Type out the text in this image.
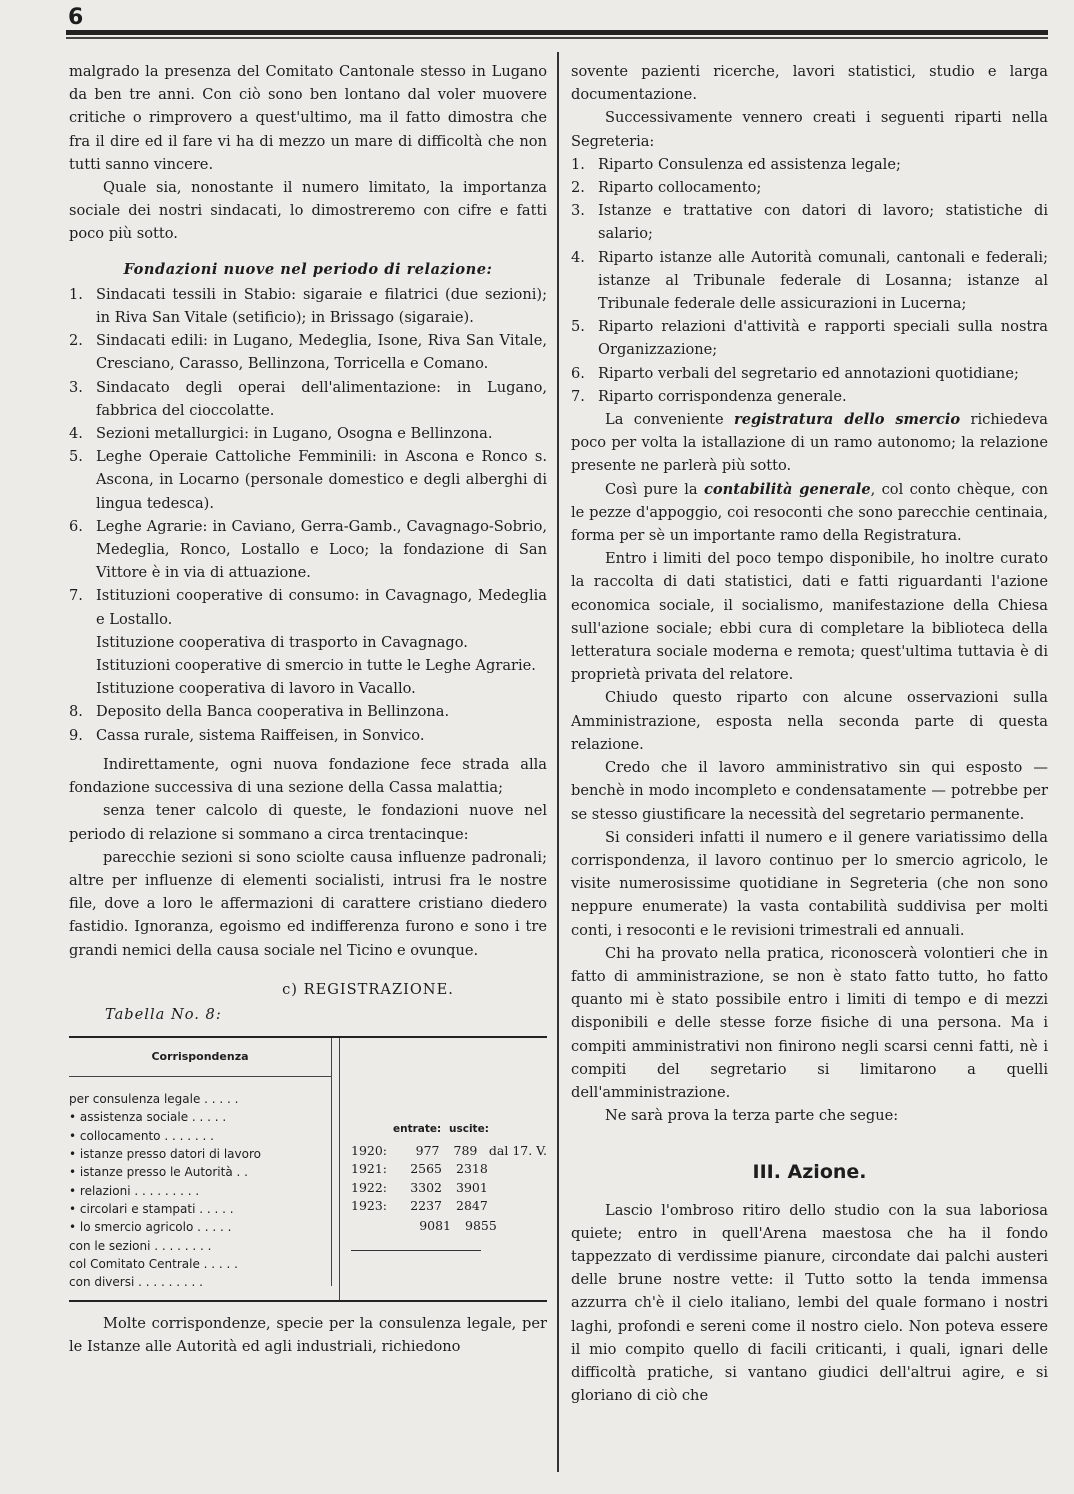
6

malgrado la presenza del Comitato Cantonale stesso in Lugano da ben tre anni. Con ciò sono ben lontano dal voler muovere critiche o rimprovero a quest'ultimo, ma il fatto dimostra che fra il dire ed il fare vi ha di mezzo un mare di difficoltà che non tutti sanno vincere.

Quale sia, nonostante il numero limitato, la importanza sociale dei nostri sindacati, lo dimostreremo con cifre e fatti poco più sotto.

Fondazioni nuove nel periodo di relazione:
1. Sindacati tessili in Stabio: sigaraie e filatrici (due sezioni); in Riva San Vitale (setificio); in Brissago (sigaraie).
2. Sindacati edili: in Lugano, Medeglia, Isone, Riva San Vitale, Cresciano, Carasso, Bellinzona, Torricella e Comano.
3. Sindacato degli operai dell'alimentazione: in Lugano, fabbrica del cioccolatte.
4. Sezioni metallurgici: in Lugano, Osogna e Bellinzona.
5. Leghe Operaie Cattoliche Femminili: in Ascona e Ronco s. Ascona, in Locarno (personale domestico e degli alberghi di lingua tedesca).
6. Leghe Agrarie: in Caviano, Gerra-Gamb., Cavagnago-Sobrio, Medeglia, Ronco, Lostallo e Loco; la fondazione di San Vittore è in via di attuazione.
7. Istituzioni cooperative di consumo: in Cavagnago, Medeglia e Lostallo.
Istituzione cooperativa di trasporto in Cavagnago.
Istituzioni cooperative di smercio in tutte le Leghe Agrarie.
Istituzione cooperativa di lavoro in Vacallo.
8. Deposito della Banca cooperativa in Bellinzona.
9. Cassa rurale, sistema Raiffeisen, in Sonvico.

Indirettamente, ogni nuova fondazione fece strada alla fondazione successiva di una sezione della Cassa malattia;

senza tener calcolo di queste, le fondazioni nuove nel periodo di relazione si sommano a circa trentacinque:

parecchie sezioni si sono sciolte causa influenze padronali; altre per influenze di elementi socialisti, intrusi fra le nostre file, dove a loro le affermazioni di carattere cristiano diedero fastidio. Ignoranza, egoismo ed indifferenza furono e sono i tre grandi nemici della causa sociale nel Ticino e ovunque.

c) REGISTRAZIONE.
Tabella No. 8:
Corrispondenza
per consulenza legale . . . . .
• assistenza sociale . . . . .
• collocamento . . . . . . .
• istanze presso datori di lavoro
• istanze presso le Autorità . .
• relazioni . . . . . . . . .
• circolari e stampati . . . . .
• lo smercio agricolo . . . . .
con le sezioni . . . . . . . .
col Comitato Centrale . . . . .
con diversi . . . . . . . . .
entrate: uscite:
1920:	977	789 dal 17. V.
1921:	2565	2318
1922:	3302	3901
1923:	2237	2847
9081	9855

Molte corrispondenze, specie per la consulenza legale, per le Istanze alle Autorità ed agli industriali, richiedono

sovente pazienti ricerche, lavori statistici, studio e larga documentazione.

Successivamente vennero creati i seguenti riparti nella Segreteria:

1. Riparto Consulenza ed assistenza legale;
2. Riparto collocamento;
3. Istanze e trattative con datori di lavoro; statistiche di salario;
4. Riparto istanze alle Autorità comunali, cantonali e federali; istanze al Tribunale federale di Losanna; istanze al Tribunale federale delle assicurazioni in Lucerna;
5. Riparto relazioni d'attività e rapporti speciali sulla nostra Organizzazione;
6. Riparto verbali del segretario ed annotazioni quotidiane;
7. Riparto corrispondenza generale.

La conveniente registratura dello smercio richiedeva poco per volta la istallazione di un ramo autonomo; la relazione presente ne parlerà più sotto.

Così pure la contabilità generale, col conto chèque, con le pezze d'appoggio, coi resoconti che sono parecchie centinaia, forma per sè un importante ramo della Registratura.

Entro i limiti del poco tempo disponibile, ho inoltre curato la raccolta di dati statistici, dati e fatti riguardanti l'azione economica sociale, il socialismo, manifestazione della Chiesa sull'azione sociale; ebbi cura di completare la biblioteca della letteratura sociale moderna e remota; quest'ultima tuttavia è di proprietà privata del relatore.

Chiudo questo riparto con alcune osservazioni sulla Amministrazione, esposta nella seconda parte di questa relazione.

Credo che il lavoro amministrativo sin qui esposto — benchè in modo incompleto e condensatamente — potrebbe per se stesso giustificare la necessità del segretario permanente.

Si consideri infatti il numero e il genere variatissimo della corrispondenza, il lavoro continuo per lo smercio agricolo, le visite numerosissime quotidiane in Segreteria (che non sono neppure enumerate) la vasta contabilità suddivisa per molti conti, i resoconti e le revisioni trimestrali ed annuali.

Chi ha provato nella pratica, riconoscerà volontieri che in fatto di amministrazione, se non è stato fatto tutto, ho fatto quanto mi è stato possibile entro i limiti di tempo e di mezzi disponibili e delle stesse forze fisiche di una persona. Ma i compiti amministrativi non finirono negli scarsi cenni fatti, nè i compiti del segretario si limitarono a quelli dell'amministrazione.

Ne sarà prova la terza parte che segue:

III. Azione.

Lascio l'ombroso ritiro dello studio con la sua laboriosa quiete; entro in quell'Arena maestosa che ha il fondo tappezzato di verdissime pianure, circondate dai palchi austeri delle brune nostre vette: il Tutto sotto la tenda immensa azzurra ch'è il cielo italiano, lembi del quale formano i nostri laghi, profondi e sereni come il nostro cielo. Non poteva essere il mio compito quello di facili criticanti, i quali, ignari delle difficoltà pratiche, si vantano giudici dell'altrui agire, e si gloriano di ciò che
